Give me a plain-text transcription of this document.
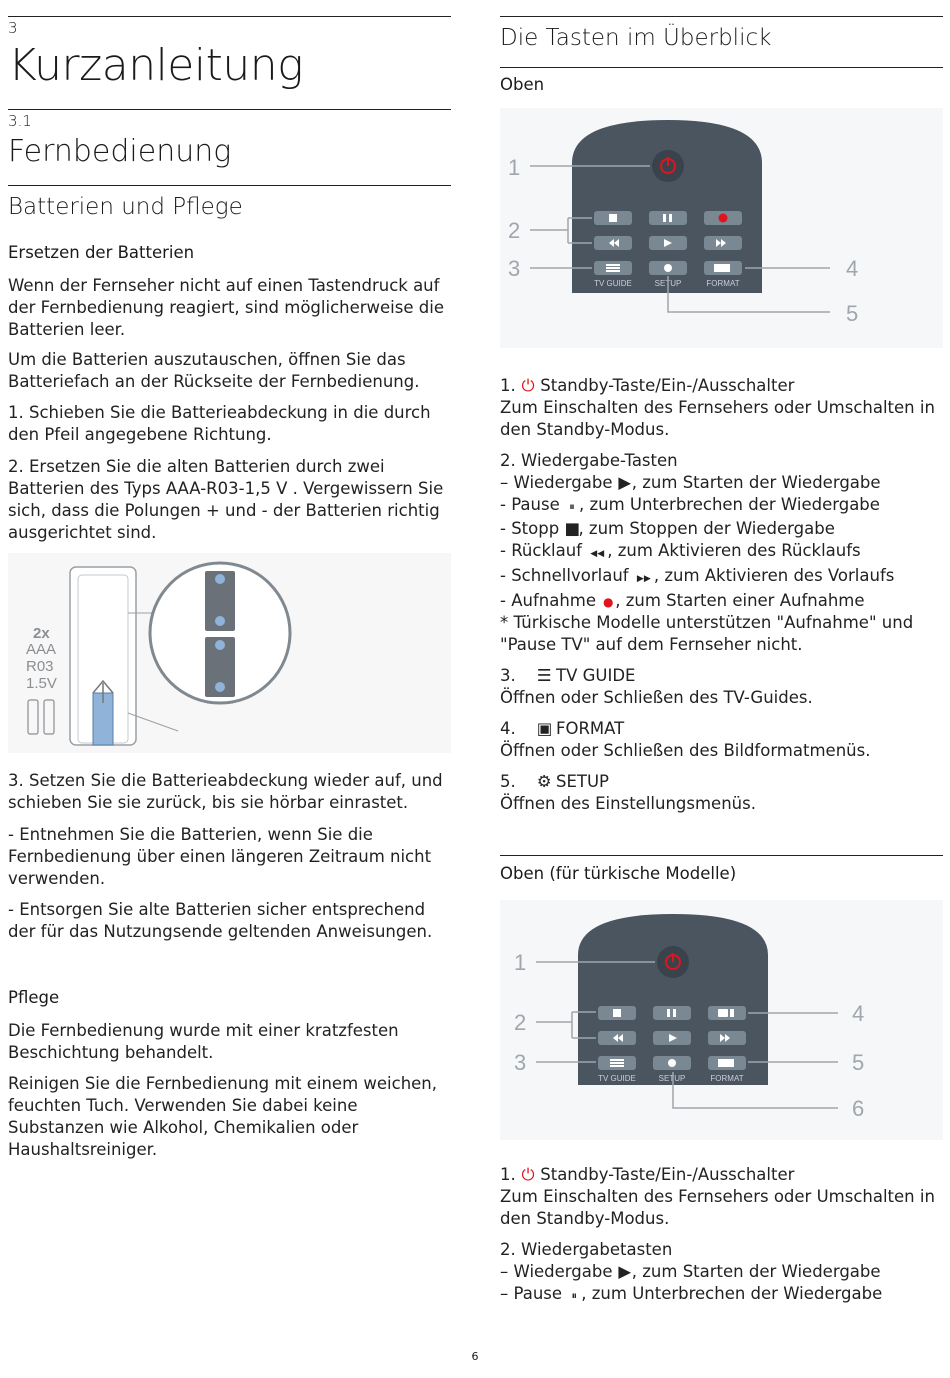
3
Kurzanleitung
3.1
Fernbedienung
Batterien und Pflege
Ersetzen der Batterien

Wenn der Fernseher nicht auf einen Tastendruck auf der Fernbedienung reagiert, sind möglicherweise die Batterien leer.

Um die Batterien auszutauschen, öffnen Sie das Batteriefach an der Rückseite der Fernbedienung.

1. Schieben Sie die Batterieabdeckung in die durch den Pfeil angegebene Richtung.

2. Ersetzen Sie die alten Batterien durch zwei Batterien des Typs AAA-R03-1,5 V . Vergewissern Sie sich, dass die Polungen + und - der Batterien richtig ausgerichtet sind.

2x
AAA
R03
1.5V

3. Setzen Sie die Batterieabdeckung wieder auf, und schieben Sie sie zurück, bis sie hörbar einrastet.

- Entnehmen Sie die Batterien, wenn Sie die Fernbedienung über einen längeren Zeitraum nicht verwenden.

- Entsorgen Sie alte Batterien sicher entsprechend der für das Nutzungsende geltenden Anweisungen.

Pflege

Die Fernbedienung wurde mit einer kratzfesten Beschichtung behandelt.

Reinigen Sie die Fernbedienung mit einem weichen, feuchten Tuch. Verwenden Sie dabei keine Substanzen wie Alkohol, Chemikalien oder Haushaltsreiniger.

Die Tasten im Überblick
Oben
TV GUIDE	SETUP	FORMAT
1
2
3	4
5
1. ⏻ Standby-Taste/Ein-/Ausschalter

Zum Einschalten des Fernsehers oder Umschalten in den Standby-Modus.

2. Wiedergabe-Tasten
– Wiedergabe ▶, zum Starten der Wiedergabe
- Pause ⏸ , zum Unterbrechen der Wiedergabe
- Stopp ■, zum Stoppen der Wiedergabe
- Rücklauf ◀◀ , zum Aktivieren des Rücklaufs
- Schnellvorlauf ▶▶ , zum Aktivieren des Vorlaufs
- Aufnahme ● , zum Starten einer Aufnahme

* Türkische Modelle unterstützen "Aufnahme" und "Pause TV" auf dem Fernseher nicht.

3. ☰ TV GUIDE

Öffnen oder Schließen des TV-Guides.

4. ▣ FORMAT

Öffnen oder Schließen des Bildformatmenüs.

5. ⚙ SETUP

Öffnen des Einstellungsmenüs.

Oben (für türkische Modelle)
TV GUIDE	SETUP	FORMAT
1
2
3
4
5
6
1. ⏻ Standby-Taste/Ein-/Ausschalter

Zum Einschalten des Fernsehers oder Umschalten in den Standby-Modus.

2. Wiedergabetasten
– Wiedergabe ▶, zum Starten der Wiedergabe
– Pause ⏸ , zum Unterbrechen der Wiedergabe
6
